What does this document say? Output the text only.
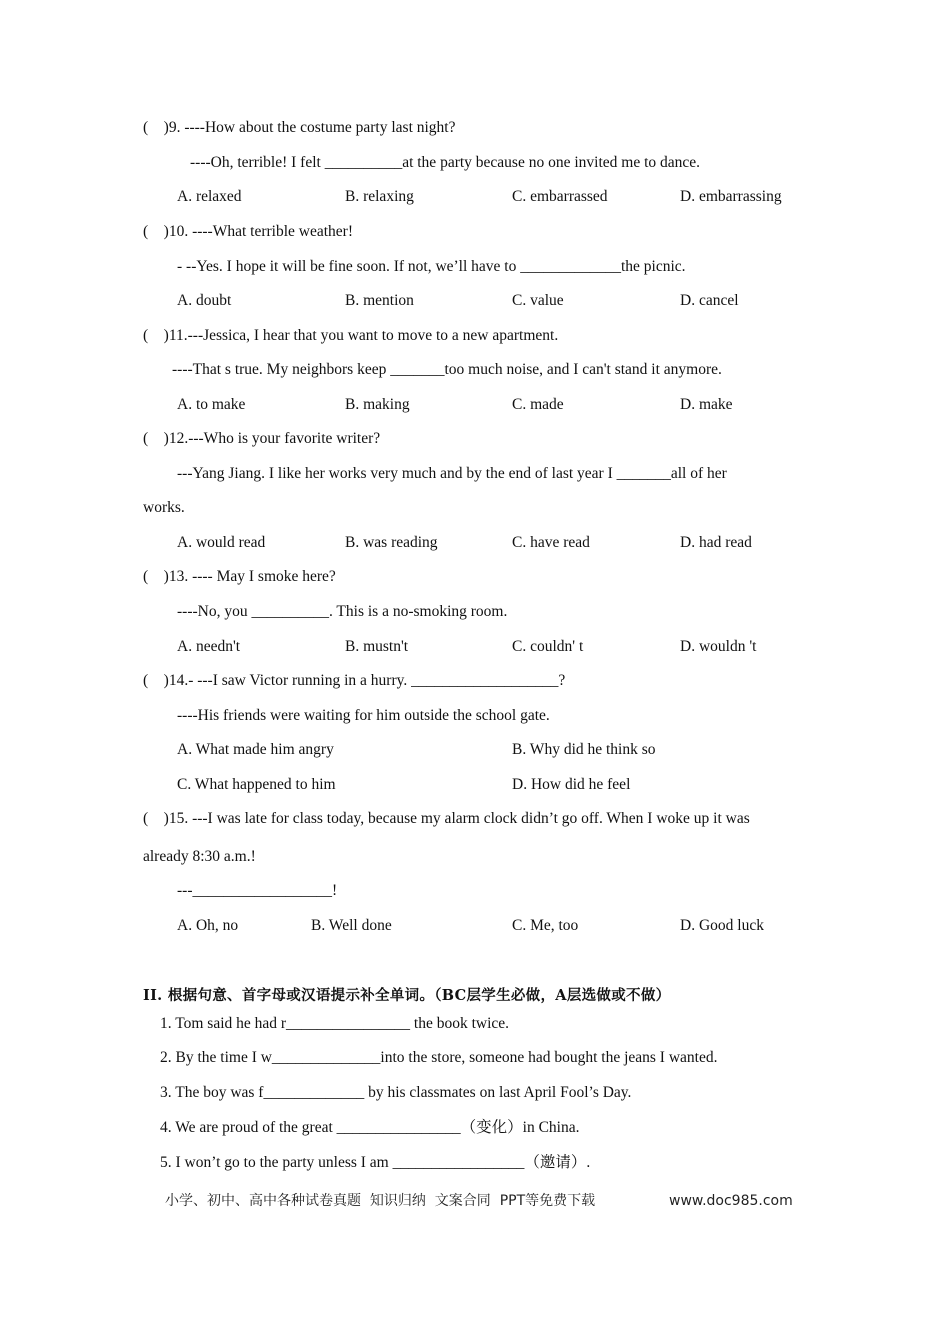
(    )9. ----How about the costume party last night?
----Oh, terrible! I felt __________at the party because no one invited me to dance.
A. relaxed	B. relaxing	C. embarrassed	D. embarrassing
(    )10. ----What terrible weather!
- --Yes. I hope it will be fine soon. If not, we’ll have to _____________the picnic.
A. doubt	B. mention	C. value	D. cancel
(    )11.---Jessica, I hear that you want to move to a new apartment.
----That s true. My neighbors keep _______too much noise, and I can't stand it anymore.
A. to make	B. making	C. made	D. make
(    )12.---Who is your favorite writer?
---Yang Jiang. I like her works very much and by the end of last year I _______all of her
works.
A. would read	B. was reading	C. have read	D. had read
(    )13. ---- May I smoke here?
----No, you __________. This is a no-smoking room.
A. needn't	B. mustn't	C. couldn' t	D. wouldn 't
(    )14.- ---I saw Victor running in a hurry. ___________________?
----His friends were waiting for him outside the school gate.
A. What made him angry	B. Why did he think so
C. What happened to him	D. How did he feel
(    )15. ---I was late for class today, because my alarm clock didn’t go off. When I woke up it was
already 8:30 a.m.!
---__________________!
A. Oh, no	B. Well done	C. Me, too	D. Good luck
II. 根据句意、首字母或汉语提示补全单词。（BC层学生必做，A层选做或不做）
1. Tom said he had r________________ the book twice.
2. By the time I w______________into the store, someone had bought the jeans I wanted.
3. The boy was f_____________ by his classmates on last April Fool’s Day.
4. We are proud of the great ________________（变化）in China.
5. I won’t go to the party unless I am _________________（邀请）.
小学、初中、高中各种试卷真题  知识归纳  文案合同  PPT等免费下载	www.doc985.com
